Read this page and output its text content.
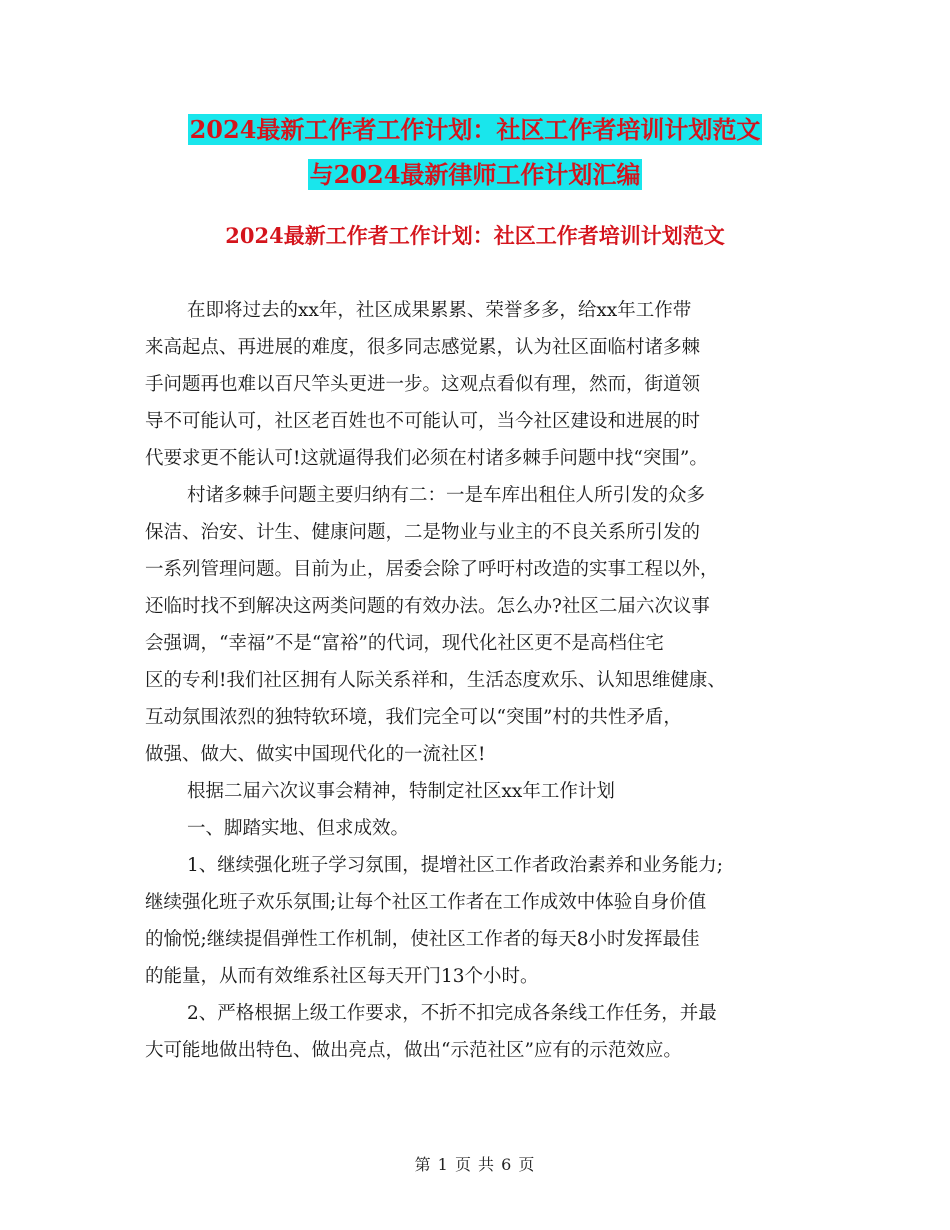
2024最新工作者工作计划：社区工作者培训计划范文
与2024最新律师工作计划汇编
2024最新工作者工作计划：社区工作者培训计划范文
在即将过去的xx年，社区成果累累、荣誉多多，给xx年工作带
来高起点、再进展的难度，很多同志感觉累，认为社区面临村诸多棘
手问题再也难以百尺竿头更进一步。这观点看似有理，然而，街道领
导不可能认可，社区老百姓也不可能认可，当今社区建设和进展的时
代要求更不能认可!这就逼得我们必须在村诸多棘手问题中找“突围”。
村诸多棘手问题主要归纳有二：一是车库出租住人所引发的众多
保洁、治安、计生、健康问题，二是物业与业主的不良关系所引发的
一系列管理问题。目前为止，居委会除了呼吁村改造的实事工程以外，
还临时找不到解决这两类问题的有效办法。怎么办?社区二届六次议事
会强调，“幸福”不是“富裕”的代词，现代化社区更不是高档住宅
区的专利!我们社区拥有人际关系祥和，生活态度欢乐、认知思维健康、
互动氛围浓烈的独特软环境，我们完全可以“突围”村的共性矛盾，
做强、做大、做实中国现代化的一流社区!
根据二届六次议事会精神，特制定社区xx年工作计划
一、脚踏实地、但求成效。
1、继续强化班子学习氛围，提增社区工作者政治素养和业务能力;
继续强化班子欢乐氛围;让每个社区工作者在工作成效中体验自身价值
的愉悦;继续提倡弹性工作机制，使社区工作者的每天8小时发挥最佳
的能量，从而有效维系社区每天开门13个小时。
2、严格根据上级工作要求，不折不扣完成各条线工作任务，并最
大可能地做出特色、做出亮点，做出“示范社区”应有的示范效应。
第 1 页 共 6 页
